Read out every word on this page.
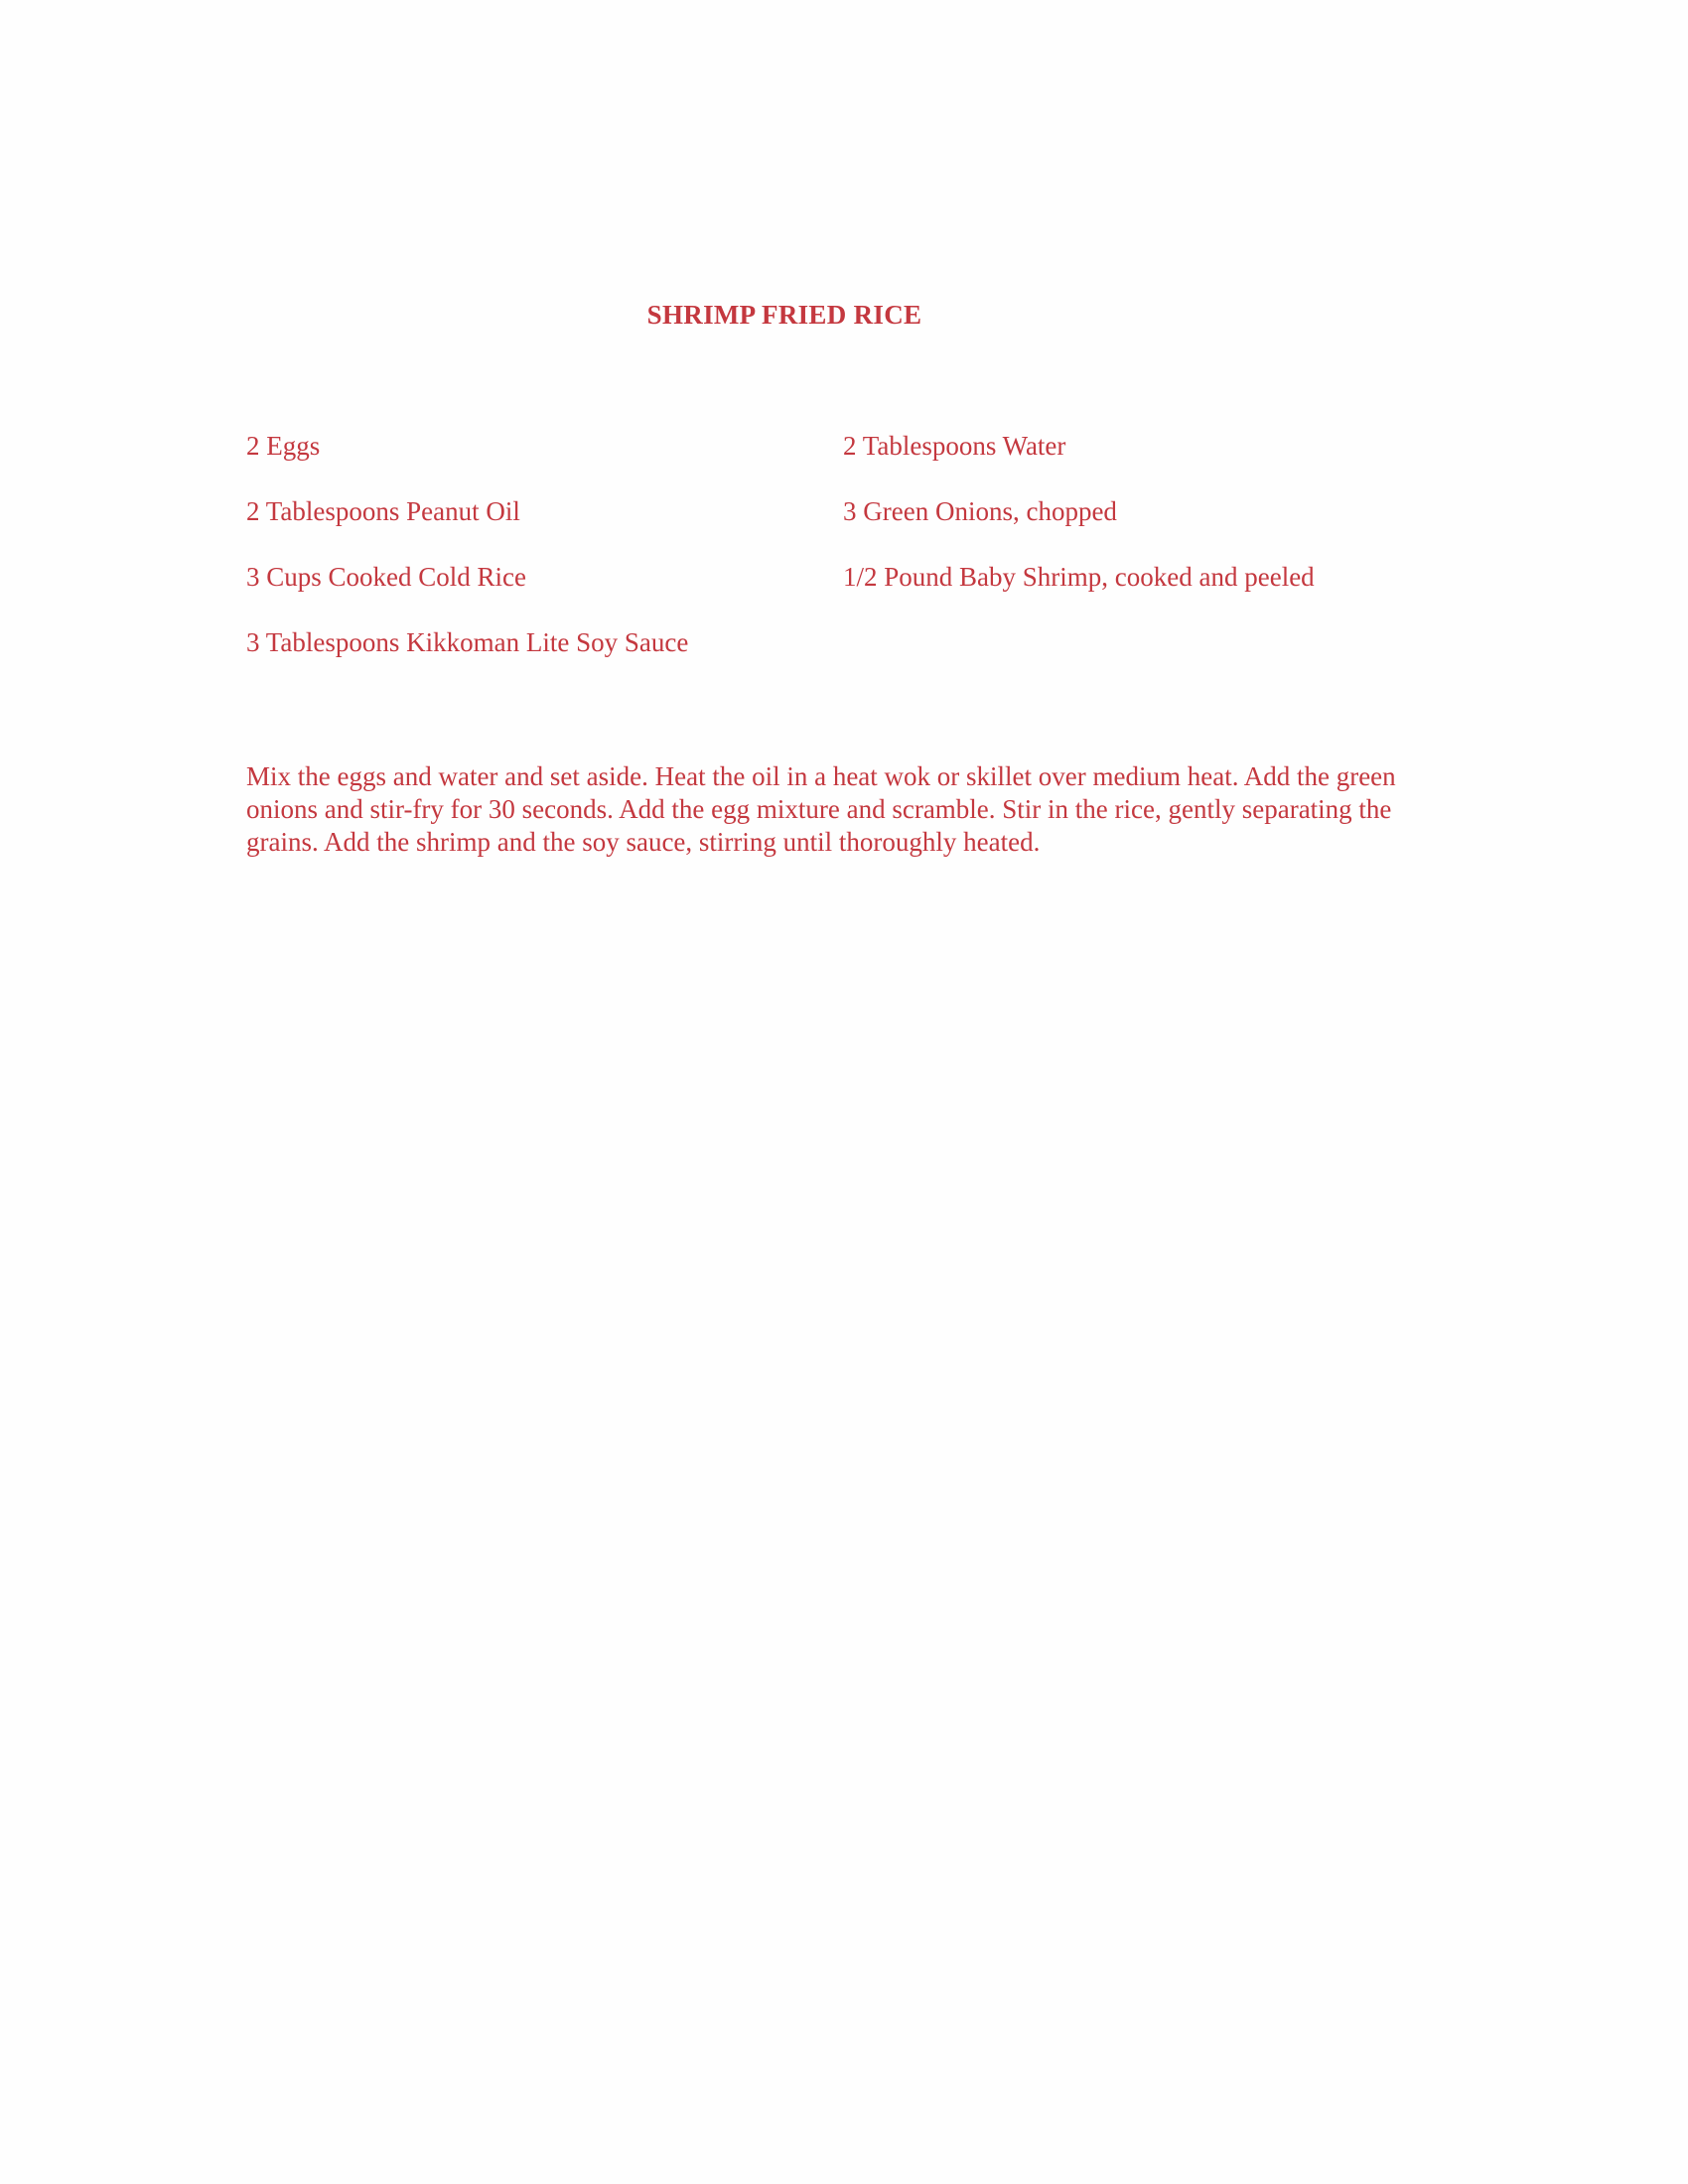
SHRIMP FRIED RICE
2 Eggs
2 Tablespoons Peanut Oil
3 Cups Cooked Cold Rice
3 Tablespoons Kikkoman Lite Soy Sauce
2 Tablespoons Water
3 Green Onions, chopped
1/2 Pound Baby Shrimp, cooked and peeled

Mix the eggs and water and set aside. Heat the oil in a heat wok or skillet over medium heat. Add the green onions and stir-fry for 30 seconds. Add the egg mixture and scramble. Stir in the rice, gently separating the grains. Add the shrimp and the soy sauce, stirring until thoroughly heated.
